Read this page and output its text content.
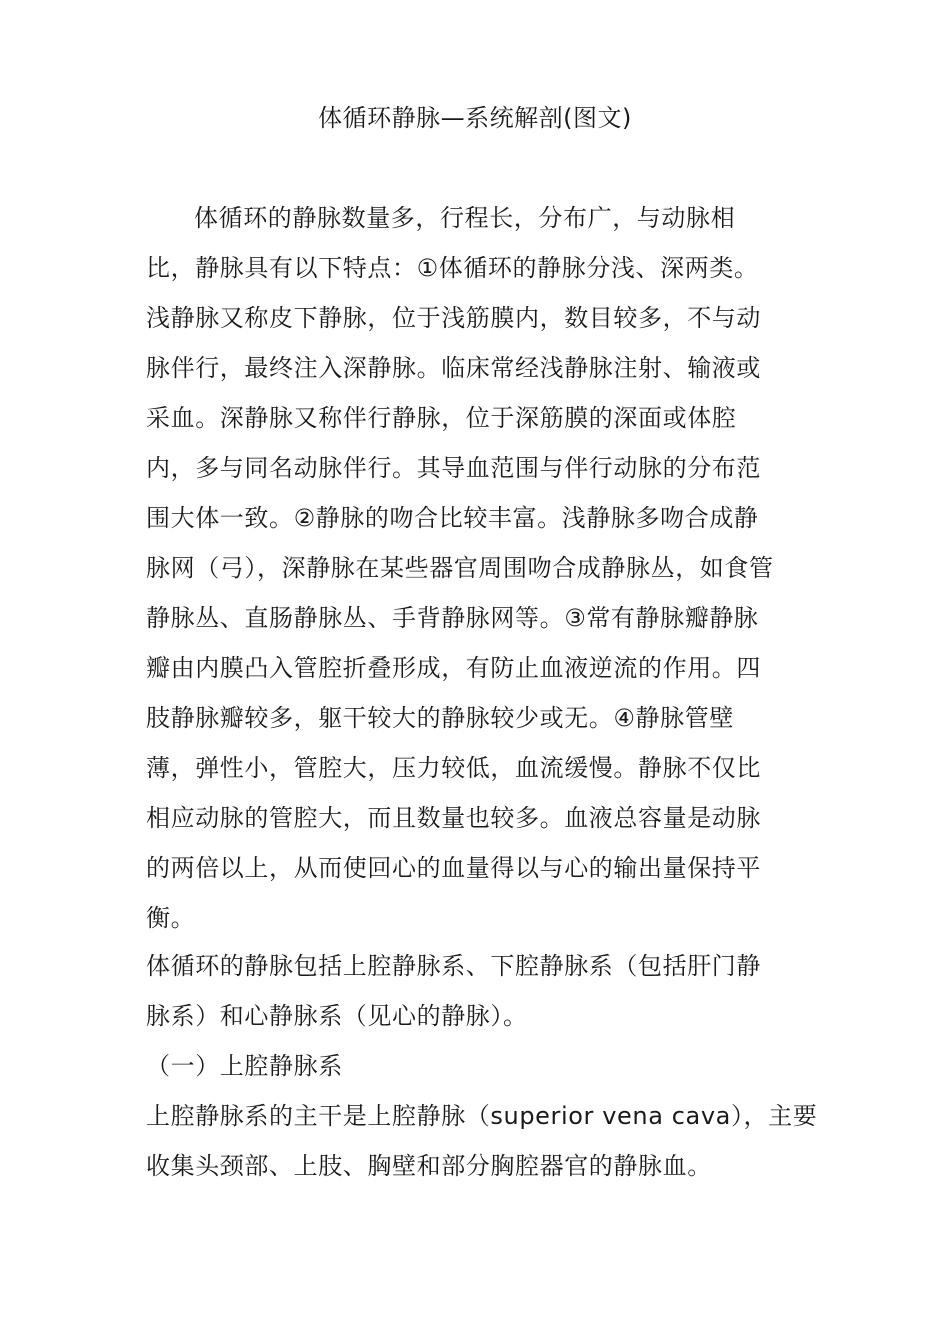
体循环静脉—系统解剖(图文)
体循环的静脉数量多，行程长，分布广，与动脉相
比，静脉具有以下特点：①体循环的静脉分浅、深两类。
浅静脉又称皮下静脉，位于浅筋膜内，数目较多，不与动
脉伴行，最终注入深静脉。临床常经浅静脉注射、输液或
采血。深静脉又称伴行静脉，位于深筋膜的深面或体腔
内，多与同名动脉伴行。其导血范围与伴行动脉的分布范
围大体一致。②静脉的吻合比较丰富。浅静脉多吻合成静
脉网（弓），深静脉在某些器官周围吻合成静脉丛，如食管
静脉丛、直肠静脉丛、手背静脉网等。③常有静脉瓣静脉
瓣由内膜凸入管腔折叠形成，有防止血液逆流的作用。四
肢静脉瓣较多，躯干较大的静脉较少或无。④静脉管壁
薄，弹性小，管腔大，压力较低，血流缓慢。静脉不仅比
相应动脉的管腔大，而且数量也较多。血液总容量是动脉
的两倍以上，从而使回心的血量得以与心的输出量保持平
衡。
体循环的静脉包括上腔静脉系、下腔静脉系（包括肝门静
脉系）和心静脉系（见心的静脉）。
（一）上腔静脉系
上腔静脉系的主干是上腔静脉（superior vena cava），主要
收集头颈部、上肢、胸壁和部分胸腔器官的静脉血。
